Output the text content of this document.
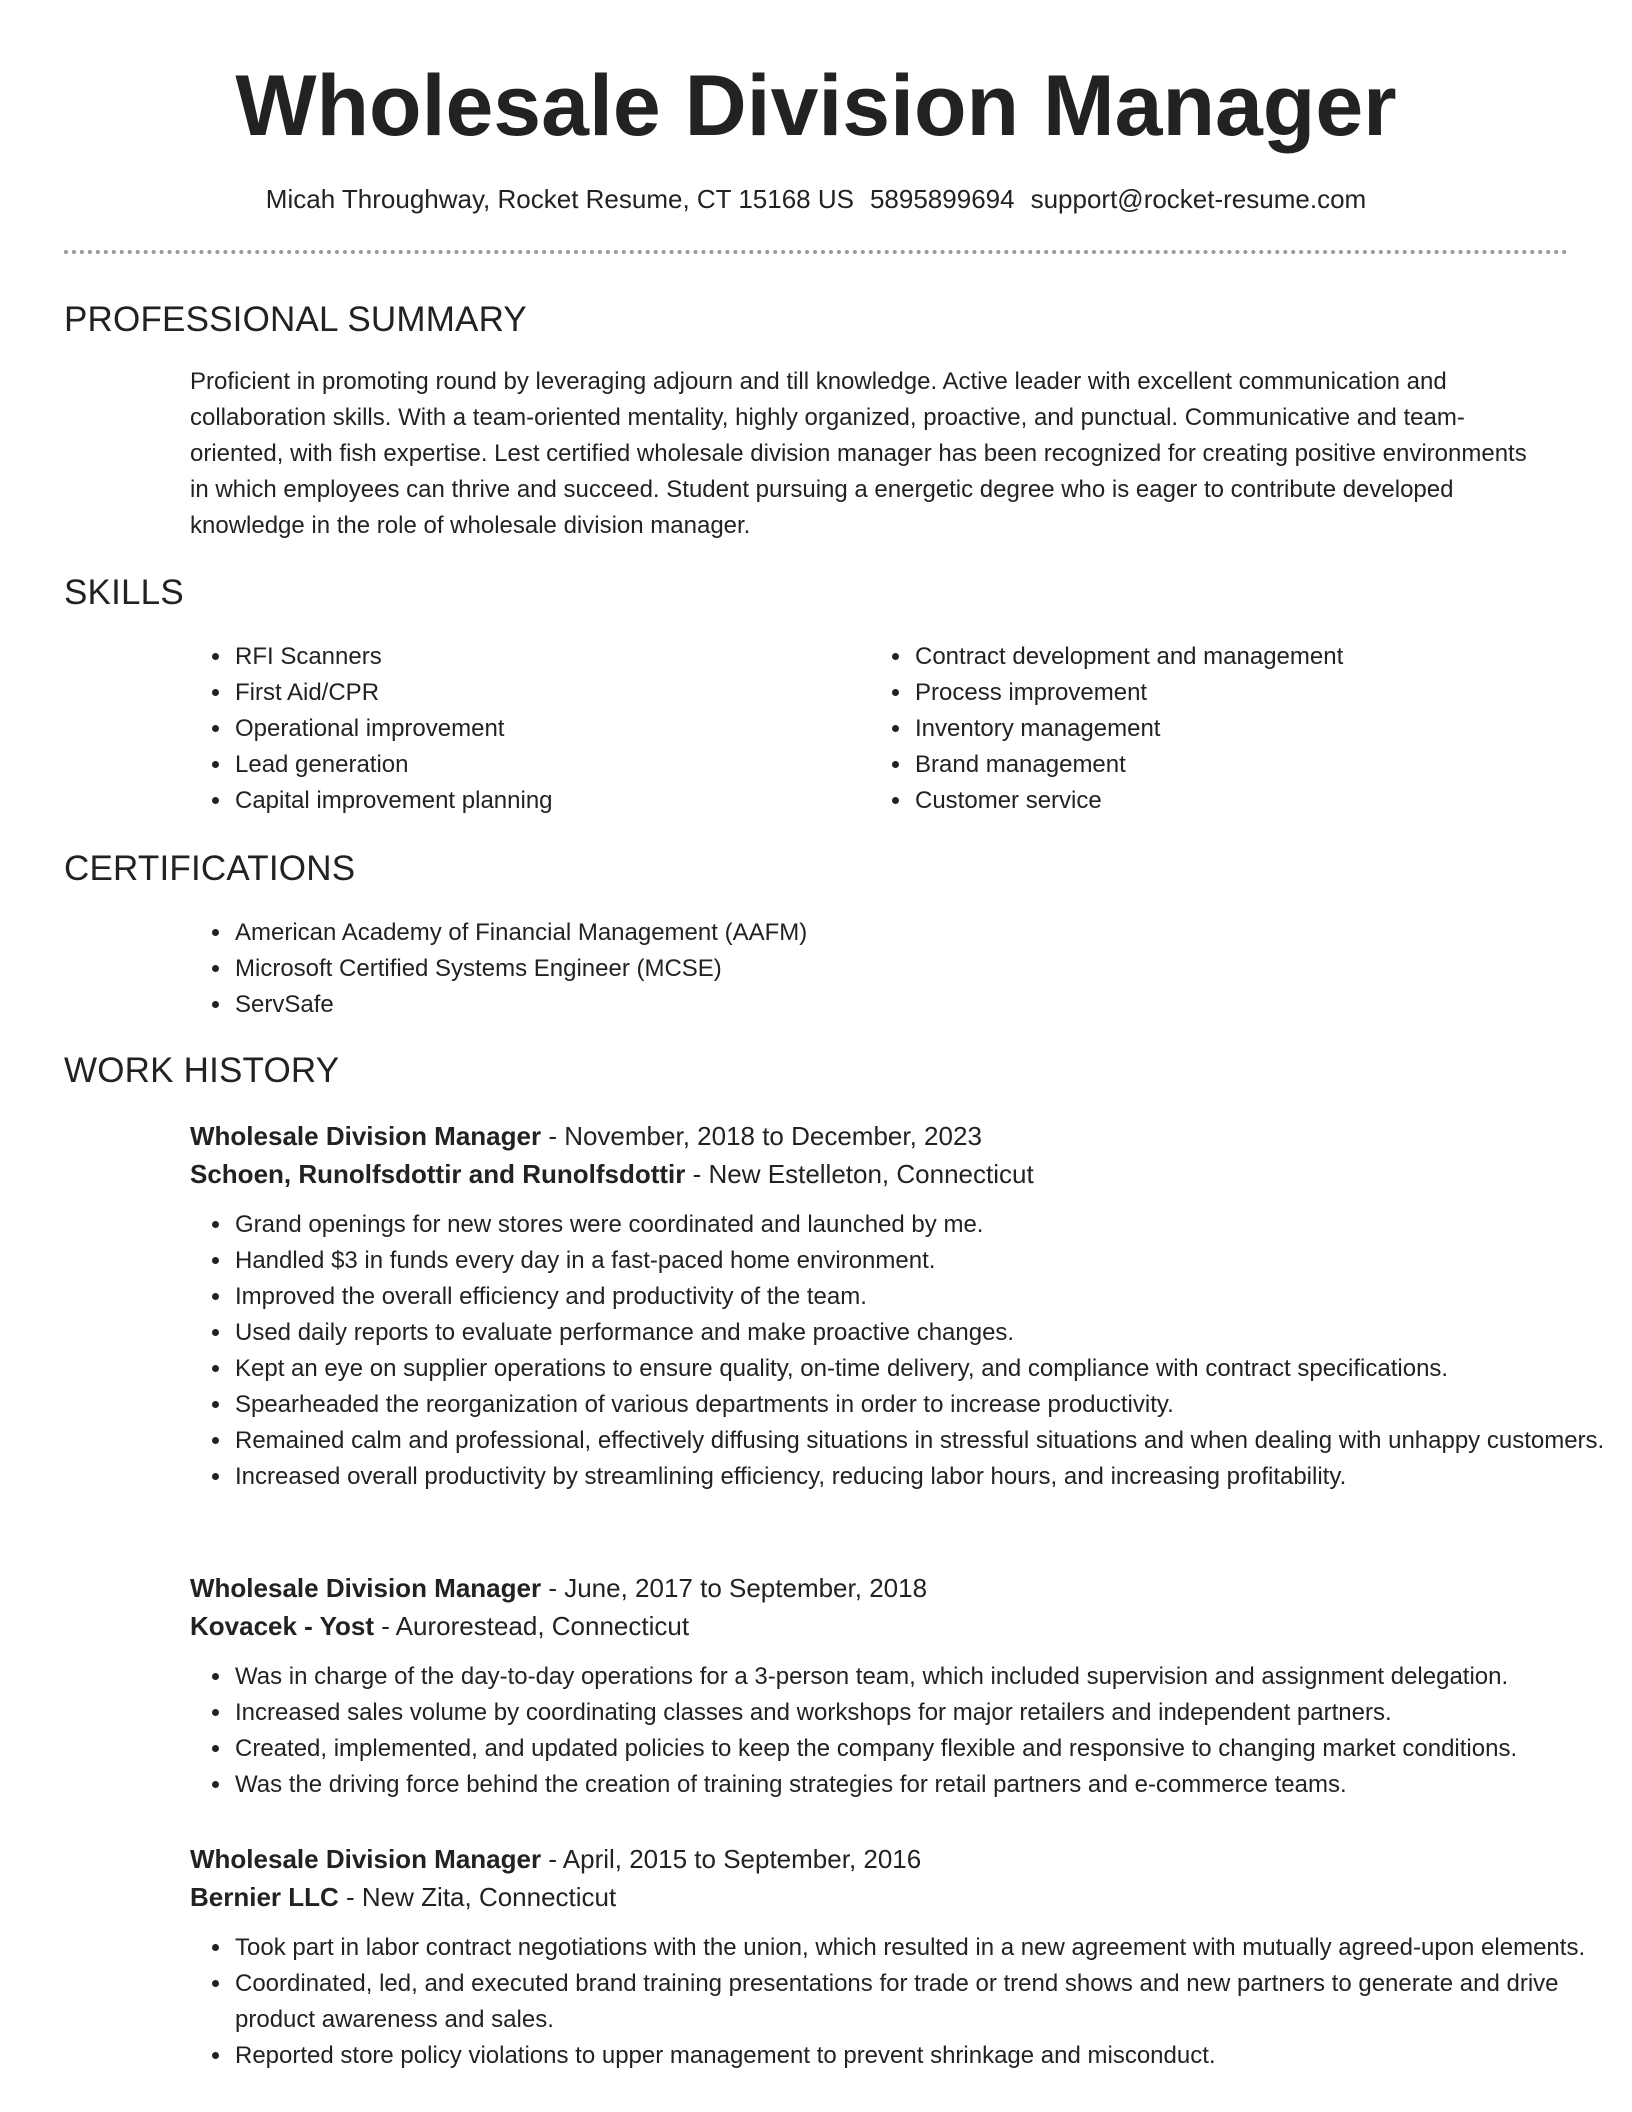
Wholesale Division Manager
Micah Throughway, Rocket Resume, CT 15168 US 5895899694 support@rocket-resume.com
PROFESSIONAL SUMMARY

Proficient in promoting round by leveraging adjourn and till knowledge. Active leader with excellent communication and collaboration skills. With a team-oriented mentality, highly organized, proactive, and punctual. Communicative and team-oriented, with fish expertise. Lest certified wholesale division manager has been recognized for creating positive environments in which employees can thrive and succeed. Student pursuing a energetic degree who is eager to contribute developed knowledge in the role of wholesale division manager.

SKILLS
• RFI Scanners
• First Aid/CPR
• Operational improvement
• Lead generation
• Capital improvement planning
• Contract development and management
• Process improvement
• Inventory management
• Brand management
• Customer service
CERTIFICATIONS
• American Academy of Financial Management (AAFM)
• Microsoft Certified Systems Engineer (MCSE)
• ServSafe
WORK HISTORY

Wholesale Division Manager - November, 2018 to December, 2023

Schoen, Runolfsdottir and Runolfsdottir - New Estelleton, Connecticut

• Grand openings for new stores were coordinated and launched by me.
• Handled $3 in funds every day in a fast-paced home environment.
• Improved the overall efficiency and productivity of the team.
• Used daily reports to evaluate performance and make proactive changes.
• Kept an eye on supplier operations to ensure quality, on-time delivery, and compliance with contract specifications.
• Spearheaded the reorganization of various departments in order to increase productivity.
• Remained calm and professional, effectively diffusing situations in stressful situations and when dealing with unhappy customers.
• Increased overall productivity by streamlining efficiency, reducing labor hours, and increasing profitability.

Wholesale Division Manager - June, 2017 to September, 2018

Kovacek - Yost - Aurorestead, Connecticut

• Was in charge of the day-to-day operations for a 3-person team, which included supervision and assignment delegation.
• Increased sales volume by coordinating classes and workshops for major retailers and independent partners.
• Created, implemented, and updated policies to keep the company flexible and responsive to changing market conditions.
• Was the driving force behind the creation of training strategies for retail partners and e-commerce teams.

Wholesale Division Manager - April, 2015 to September, 2016

Bernier LLC - New Zita, Connecticut

• Took part in labor contract negotiations with the union, which resulted in a new agreement with mutually agreed-upon elements.
• Coordinated, led, and executed brand training presentations for trade or trend shows and new partners to generate and drive product awareness and sales.
• Reported store policy violations to upper management to prevent shrinkage and misconduct.
